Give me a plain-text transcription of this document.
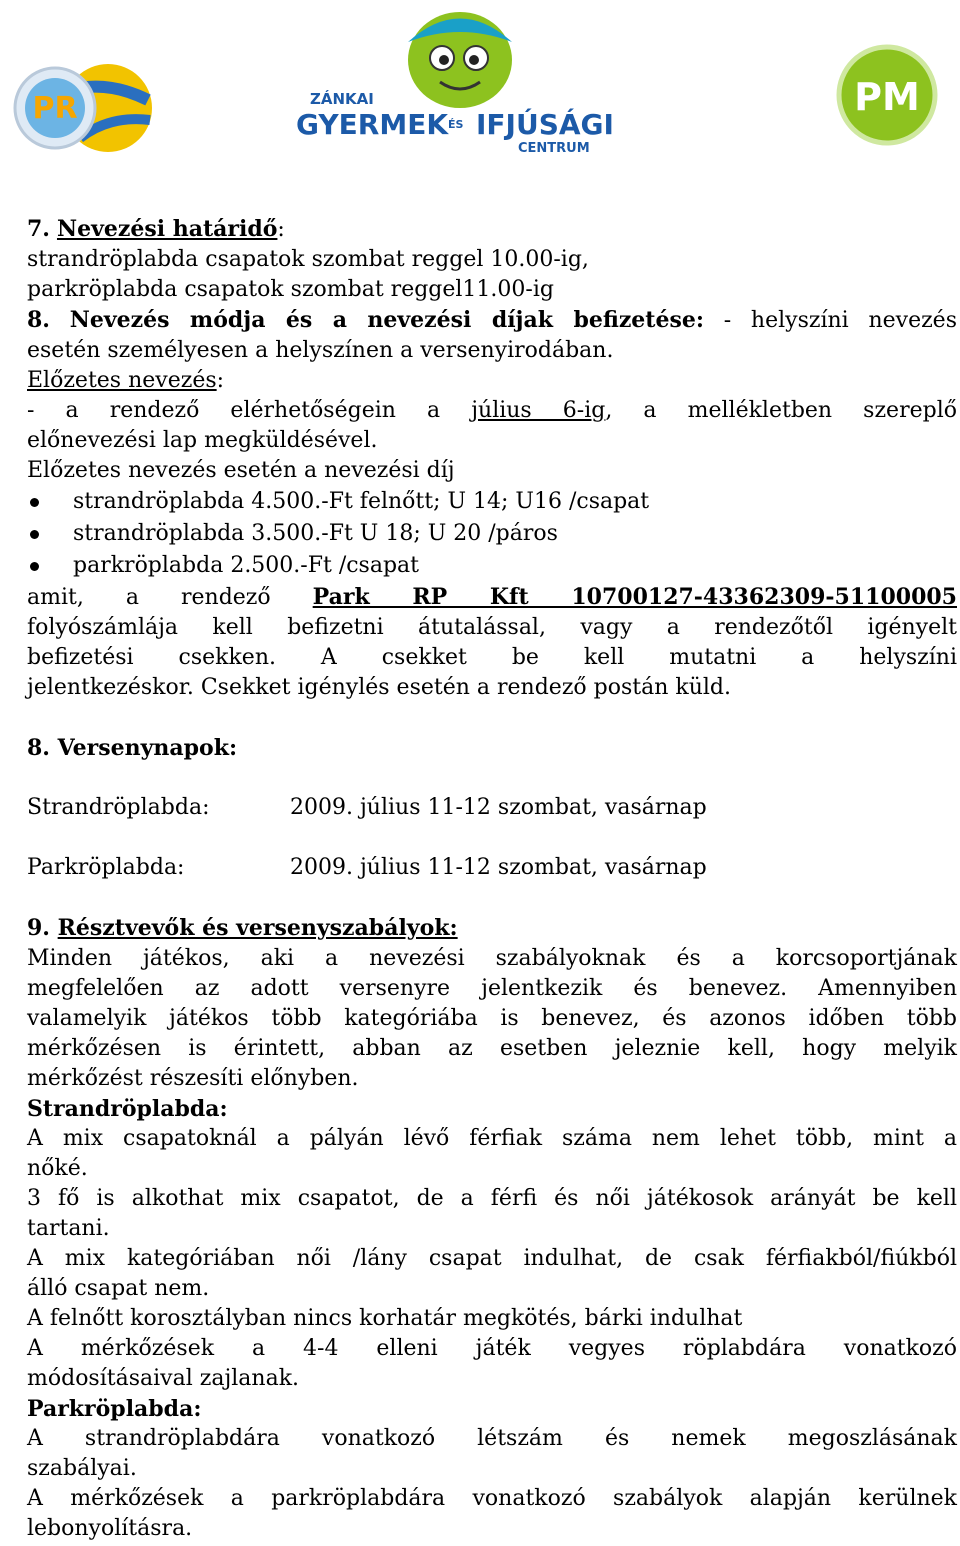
PR	ZÁNKAI
GYERMEK ÉS IFJÚSÁGI
CENTRUM
PM

7. Nevezési határidő:

strandröplabda csapatok szombat reggel 10.00-ig,

parkröplabda csapatok szombat reggel11.00-ig

8. Nevezés módja és a nevezési díjak befizetése: - helyszíni nevezés

esetén személyesen a helyszínen a versenyirodában.

Előzetes nevezés:

- a rendező elérhetőségein a július 6-ig, a mellékletben szereplő

előnevezési lap megküldésével.

Előzetes nevezés esetén a nevezési díj

strandröplabda 4.500.-Ft felnőtt; U 14; U16 /csapat
strandröplabda 3.500.-Ft U 18; U 20 /páros
parkröplabda 2.500.-Ft /csapat

amit, a rendező Park RP Kft 10700127-43362309-51100005

folyószámlája kell befizetni átutalással, vagy a rendezőtől igényelt

befizetési csekken. A csekket be kell mutatni a helyszíni

jelentkezéskor. Csekket igénylés esetén a rendező postán küld.

8. Versenynapok:

Strandröplabda:	2009. július 11-12 szombat, vasárnap
Parkröplabda:	2009. július 11-12 szombat, vasárnap

9. Résztvevők és versenyszabályok:

Minden játékos, aki a nevezési szabályoknak és a korcsoportjának

megfelelően az adott versenyre jelentkezik és benevez. Amennyiben

valamelyik játékos több kategóriába is benevez, és azonos időben több

mérkőzésen is érintett, abban az esetben jeleznie kell, hogy melyik

mérkőzést részesíti előnyben.

Strandröplabda:

A mix csapatoknál a pályán lévő férfiak száma nem lehet több, mint a

nőké.

3 fő is alkothat mix csapatot, de a férfi és női játékosok arányát be kell

tartani.

A mix kategóriában női /lány csapat indulhat, de csak férfiakból/fiúkból

álló csapat nem.

A felnőtt korosztályban nincs korhatár megkötés, bárki indulhat

A mérkőzések a 4-4 elleni játék vegyes röplabdára vonatkozó

módosításaival zajlanak.

Parkröplabda:

A strandröplabdára vonatkozó létszám és nemek megoszlásának

szabályai.

A mérkőzések a parkröplabdára vonatkozó szabályok alapján kerülnek

lebonyolításra.
